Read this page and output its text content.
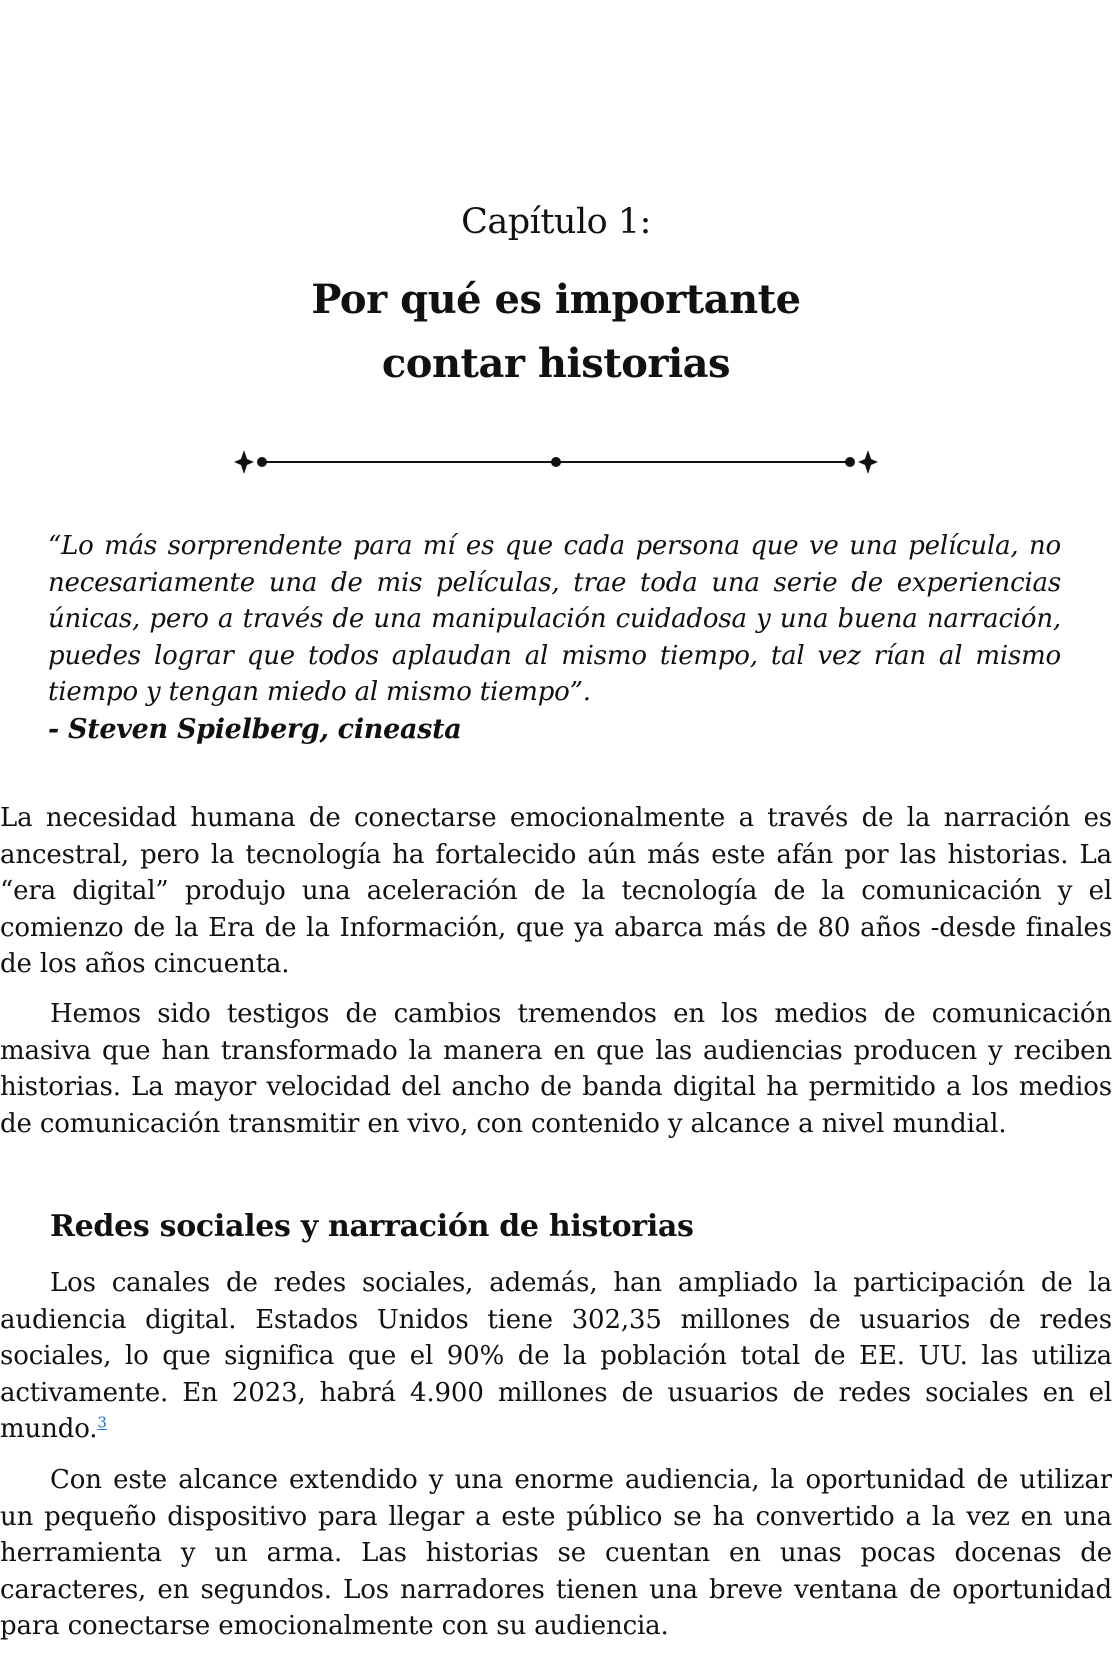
Capítulo 1:
Por qué es importante
contar historias
“Lo más sorprendente para mí es que cada persona que ve una película, no necesariamente una de mis películas, trae toda una serie de experiencias únicas, pero a través de una manipulación cuidadosa y una buena narración, puedes lograr que todos aplaudan al mismo tiempo, tal vez rían al mismo tiempo y tengan miedo al mismo tiempo”.
- Steven Spielberg, cineasta

La necesidad humana de conectarse emocionalmente a través de la narración es ancestral, pero la tecnología ha fortalecido aún más este afán por las historias. La “era digital” produjo una aceleración de la tecnología de la comunicación y el comienzo de la Era de la Información, que ya abarca más de 80 años -desde finales de los años cincuenta.

Hemos sido testigos de cambios tremendos en los medios de comunicación masiva que han transformado la manera en que las audiencias producen y reciben historias. La mayor velocidad del ancho de banda digital ha permitido a los medios de comunicación transmitir en vivo, con contenido y alcance a nivel mundial.

Redes sociales y narración de historias

Los canales de redes sociales, además, han ampliado la participación de la audiencia digital. Estados Unidos tiene 302,35 millones de usuarios de redes sociales, lo que significa que el 90% de la población total de EE. UU. las utiliza activamente. En 2023, habrá 4.900 millones de usuarios de redes sociales en el mundo.$^3$

Con este alcance extendido y una enorme audiencia, la oportunidad de utilizar un pequeño dispositivo para llegar a este público se ha convertido a la vez en una herramienta y un arma. Las historias se cuentan en unas pocas docenas de caracteres, en segundos. Los narradores tienen una breve ventana de oportunidad para conectarse emocionalmente con su audiencia.
